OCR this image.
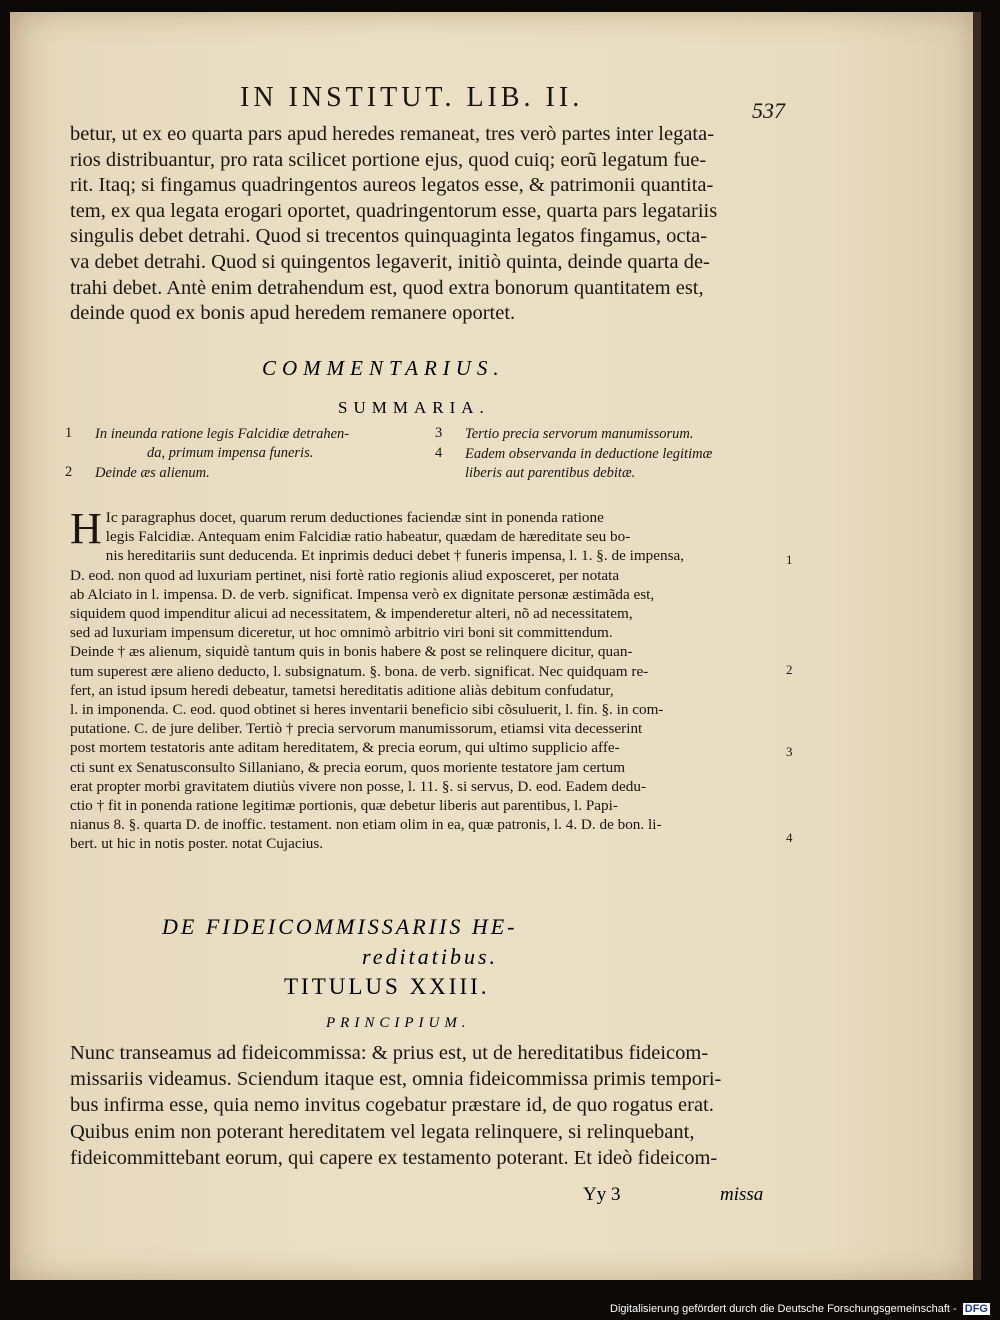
IN INSTITUT. LIB. II.	537
betur, ut ex eo quarta pars apud heredes remaneat, tres verò partes inter legata-
rios distribuantur, pro rata scilicet portione ejus, quod cuiq; eorũ legatum fue-
rit. Itaq; si fingamus quadringentos aureos legatos esse, & patrimonii quantita-
tem, ex qua legata erogari oportet, quadringentorum esse, quarta pars legatariis
singulis debet detrahi. Quod si trecentos quinquaginta legatos fingamus, octa-
va debet detrahi. Quod si quingentos legaverit, initiò quinta, deinde quarta de-
trahi debet. Antè enim detrahendum est, quod extra bonorum quantitatem est,
deinde quod ex bonis apud heredem remanere oportet.
COMMENTARIUS.
SUMMARIA.
1 In ineunda ratione legis Falcidiæ detrahen-
da, primum impensa funeris.
2 Deinde æs alienum.
3 Tertio precia servorum manumissorum.
4 Eadem observanda in deductione legitimæ
liberis aut parentibus debitæ.
H Ic paragraphus docet, quarum rerum deductiones faciendæ sint in ponenda ratione
legis Falcidiæ. Antequam enim Falcidiæ ratio habeatur, quædam de hæreditate seu bo-
nis hereditariis sunt deducenda. Et inprimis deduci debet † funeris impensa, l. 1. §. de impensa,
D. eod. non quod ad luxuriam pertinet, nisi fortè ratio regionis aliud exposceret, per notata
ab Alciato in l. impensa. D. de verb. significat. Impensa verò ex dignitate personæ æstimãda est,
siquidem quod impenditur alicui ad necessitatem, & impenderetur alteri, nõ ad necessitatem,
sed ad luxuriam impensum diceretur, ut hoc omnimò arbitrio viri boni sit committendum.
Deinde † æs alienum, siquidè tantum quis in bonis habere & post se relinquere dicitur, quan-
tum superest ære alieno deducto, l. subsignatum. §. bona. de verb. significat. Nec quidquam re-
fert, an istud ipsum heredi debeatur, tametsi hereditatis aditione aliàs debitum confudatur,
l. in imponenda. C. eod. quod obtinet si heres inventarii beneficio sibi cõsuluerit, l. fin. §. in com-
putatione. C. de jure deliber. Tertiò † precia servorum manumissorum, etiamsi vita decesserint
post mortem testatoris ante aditam hereditatem, & precia eorum, qui ultimo supplicio affe-
cti sunt ex Senatusconsulto Sillaniano, & precia eorum, quos moriente testatore jam certum
erat propter morbi gravitatem diutiùs vivere non posse, l. 11. §. si servus, D. eod. Eadem dedu-
ctio † fit in ponenda ratione legitimæ portionis, quæ debetur liberis aut parentibus, l. Papi-
nianus 8. §. quarta D. de inoffic. testament. non etiam olim in ea, quæ patronis, l. 4. D. de bon. li-
bert. ut hic in notis poster. notat Cujacius.
1
2
3
4
DE FIDEICOMMISSARIIS HE-
reditatibus.
TITULUS XXIII.
PRINCIPIUM.
Nunc transeamus ad fideicommissa: & prius est, ut de hereditatibus fideicom-
missariis videamus. Sciendum itaque est, omnia fideicommissa primis tempori-
bus infirma esse, quia nemo invitus cogebatur præstare id, de quo rogatus erat.
Quibus enim non poterant hereditatem vel legata relinquere, si relinquebant,
fideicommittebant eorum, qui capere ex testamento poterant. Et ideò fideicom-
Yy 3	missa
Digitalisierung gefördert durch die Deutsche Forschungsgemeinschaft - DFG
